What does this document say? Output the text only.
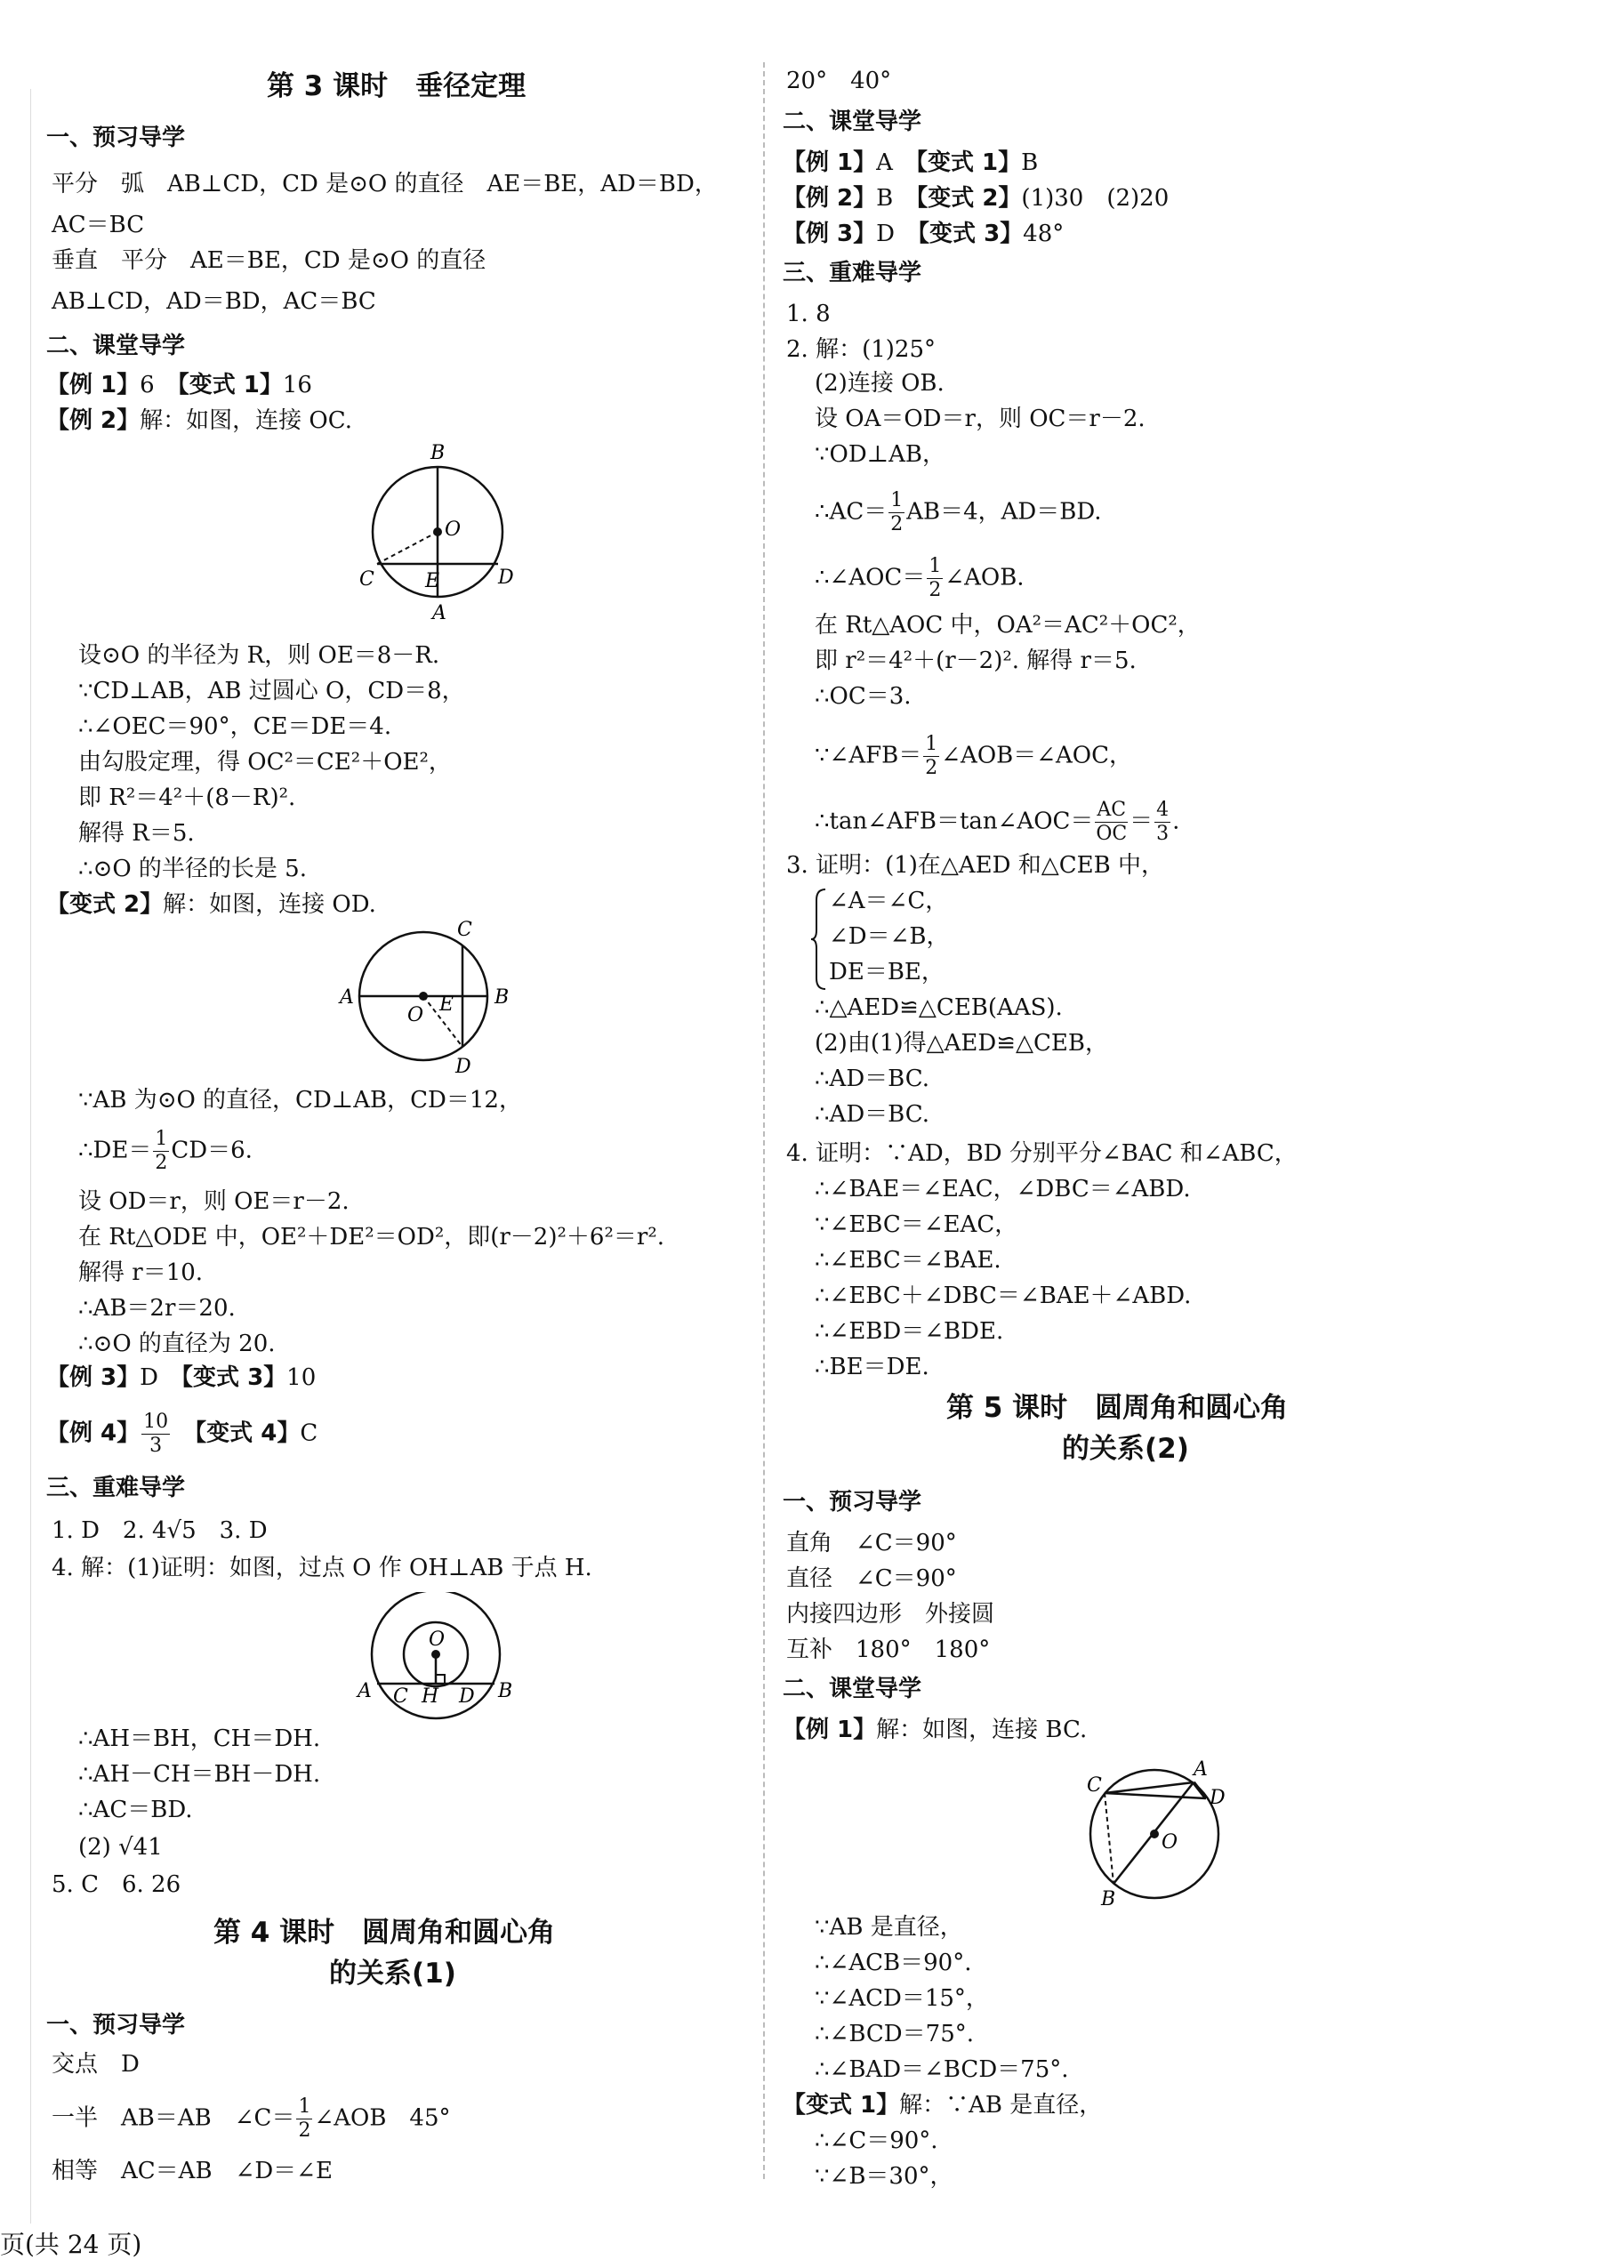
第 3 课时　垂径定理
一、预习导学
平分　弧　AB⊥CD，CD 是⊙O 的直径　AE＝BE，AD＝BD，
AC＝BC
垂直　平分　AE＝BE，CD 是⊙O 的直径
AB⊥CD，AD＝BD，AC＝BC
二、课堂导学
【例 1】6　【变式 1】16
【例 2】解：如图，连接 OC.
B
O
C	E	D
A
设⊙O 的半径为 R，则 OE＝8－R.
∵CD⊥AB，AB 过圆心 O，CD＝8，
∴∠OEC＝90°，CE＝DE＝4.
由勾股定理，得 OC²＝CE²＋OE²，
即 R²＝4²＋(8－R)².
解得 R＝5.
∴⊙O 的半径的长是 5.
【变式 2】解：如图，连接 OD.
C
A	B
O E
D
∵AB 为⊙O 的直径，CD⊥AB，CD＝12，
∴DE＝ $\frac{1}{2} CD=6$.
设 OD＝r，则 OE＝r－2.
在 Rt△ODE 中，OE²＋DE²＝OD²，即(r－2)²＋6²＝r².
解得 r＝10.
∴AB＝2r＝20.
∴⊙O 的直径为 20.
【例 3】D　【变式 3】10
【例 4】 $\frac{10}{3}$
　 【变式 4】C
三、重难导学
1. D　2. 4√5　3. D
4. 解：(1)证明：如图，过点 O 作 OH⊥AB 于点 H.
O
A C H D B
∴AH＝BH，CH＝DH.
∴AH－CH＝BH－DH.
∴AC＝BD.
(2) √41
5. C　6. 26
第 4 课时　圆周角和圆心角
的关系(1)
一、预习导学
交点　D
一半　AB＝AB　∠C＝ $\frac{1}{2}$ ∠AOB　45°
相等　AC＝AB　∠D＝∠E
20°　40°
二、课堂导学
【例 1】A　【变式 1】B
【例 2】B　【变式 2】(1)30　(2)20
【例 3】D　【变式 3】48°
三、重难导学
1. 8
2. 解：(1)25°
(2)连接 OB.
设 OA＝OD＝r，则 OC＝r－2.
∵OD⊥AB，
∴AC＝ $\frac{1}{2} AB=4$，AD＝BD.
∴∠AOC＝ $\frac{1}{2}$ ∠AOB.
在 Rt△AOC 中，OA²＝AC²＋OC²，
即 r²＝4²＋(r－2)². 解得 r＝5.
∴OC＝3.
∵∠AFB＝ $\frac{1}{2}$ ∠AOB＝∠AOC，
∴tan∠AFB＝tan∠AOC＝ $\frac{AC}{OC} = \frac{4}{3}$ .
3. 证明：(1)在△AED 和△CEB 中，
∠A＝∠C，
∠D＝∠B，
DE＝BE，
∴△AED≌△CEB(AAS).
(2)由(1)得△AED≌△CEB，
∴AD＝BC.
∴AD＝BC.
4. 证明：∵AD，BD 分别平分∠BAC 和∠ABC，
∴∠BAE＝∠EAC，∠DBC＝∠ABD.
∵∠EBC＝∠EAC，
∴∠EBC＝∠BAE.
∴∠EBC＋∠DBC＝∠BAE＋∠ABD.
∴∠EBD＝∠BDE.
∴BE＝DE.
第 5 课时　圆周角和圆心角
的关系(2)
一、预习导学
直角　∠C＝90°
直径　∠C＝90°
内接四边形　外接圆
互补　180°　180°
二、课堂导学
【例 1】解：如图，连接 BC.
C
A
D
O
B
∵AB 是直径，
∴∠ACB＝90°.
∵∠ACD＝15°，
∴∠BCD＝75°.
∴∠BAD＝∠BCD＝75°.
【变式 1】解：∵AB 是直径，
∴∠C＝90°.
∵∠B＝30°，
页(共 24 页)
